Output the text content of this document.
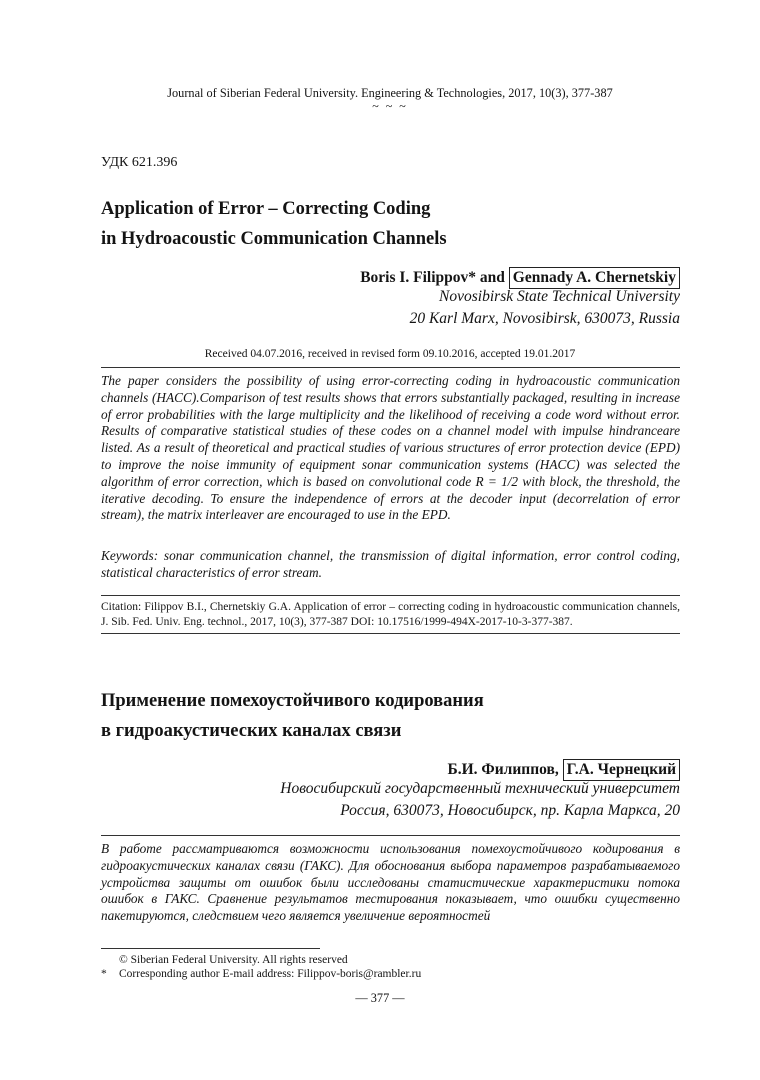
Journal of Siberian Federal University. Engineering & Technologies, 2017, 10(3), 377-387
~ ~ ~
УДК 621.396
Application of Error – Correcting Coding
in Hydroacoustic Communication Channels
Boris I. Filippov* and Gennady A. Chernetskiy
Novosibirsk State Technical University
20 Karl Marx, Novosibirsk, 630073, Russia
Received 04.07.2016, received in revised form 09.10.2016, accepted 19.01.2017
The paper considers the possibility of using error-correcting coding in hydroacoustic communication channels (HACC).Comparison of test results shows that errors substantially packaged, resulting in increase of error probabilities with the large multiplicity and the likelihood of receiving a code word without error. Results of comparative statistical studies of these codes on a channel model with impulse hindranceare listed. As a result of theoretical and practical studies of various structures of error protection device (EPD) to improve the noise immunity of equipment sonar communication systems (HACC) was selected the algorithm of error correction, which is based on convolutional code R = 1/2 with block, the threshold, the iterative decoding. To ensure the independence of errors at the decoder input (decorrelation of error stream), the matrix interleaver are encouraged to use in the EPD.
Keywords: sonar communication channel, the transmission of digital information, error control coding, statistical characteristics of error stream.
Citation: Filippov B.I., Chernetskiy G.A. Application of error – correcting coding in hydroacoustic communication channels, J. Sib. Fed. Univ. Eng. technol., 2017, 10(3), 377-387 DOI: 10.17516/1999-494X-2017-10-3-377-387.
Применение помехоустойчивого кодирования
в гидроакустических каналах связи
Б.И. Филиппов, Г.А. Чернецкий
Новосибирский государственный технический университет
Россия, 630073, Новосибирск, пр. Карла Маркса, 20
В работе рассматриваются возможности использования помехоустойчивого кодирования в гидроакустических каналах связи (ГАКС). Для обоснования выбора параметров разрабатываемого устройства защиты от ошибок были исследованы статистические характеристики потока ошибок в ГАКС. Сравнение результатов тестирования показывает, что ошибки существенно пакетируются, следствием чего является увеличение вероятностей
© Siberian Federal University. All rights reserved
* Corresponding author E-mail address: Filippov-boris@rambler.ru
— 377 —
